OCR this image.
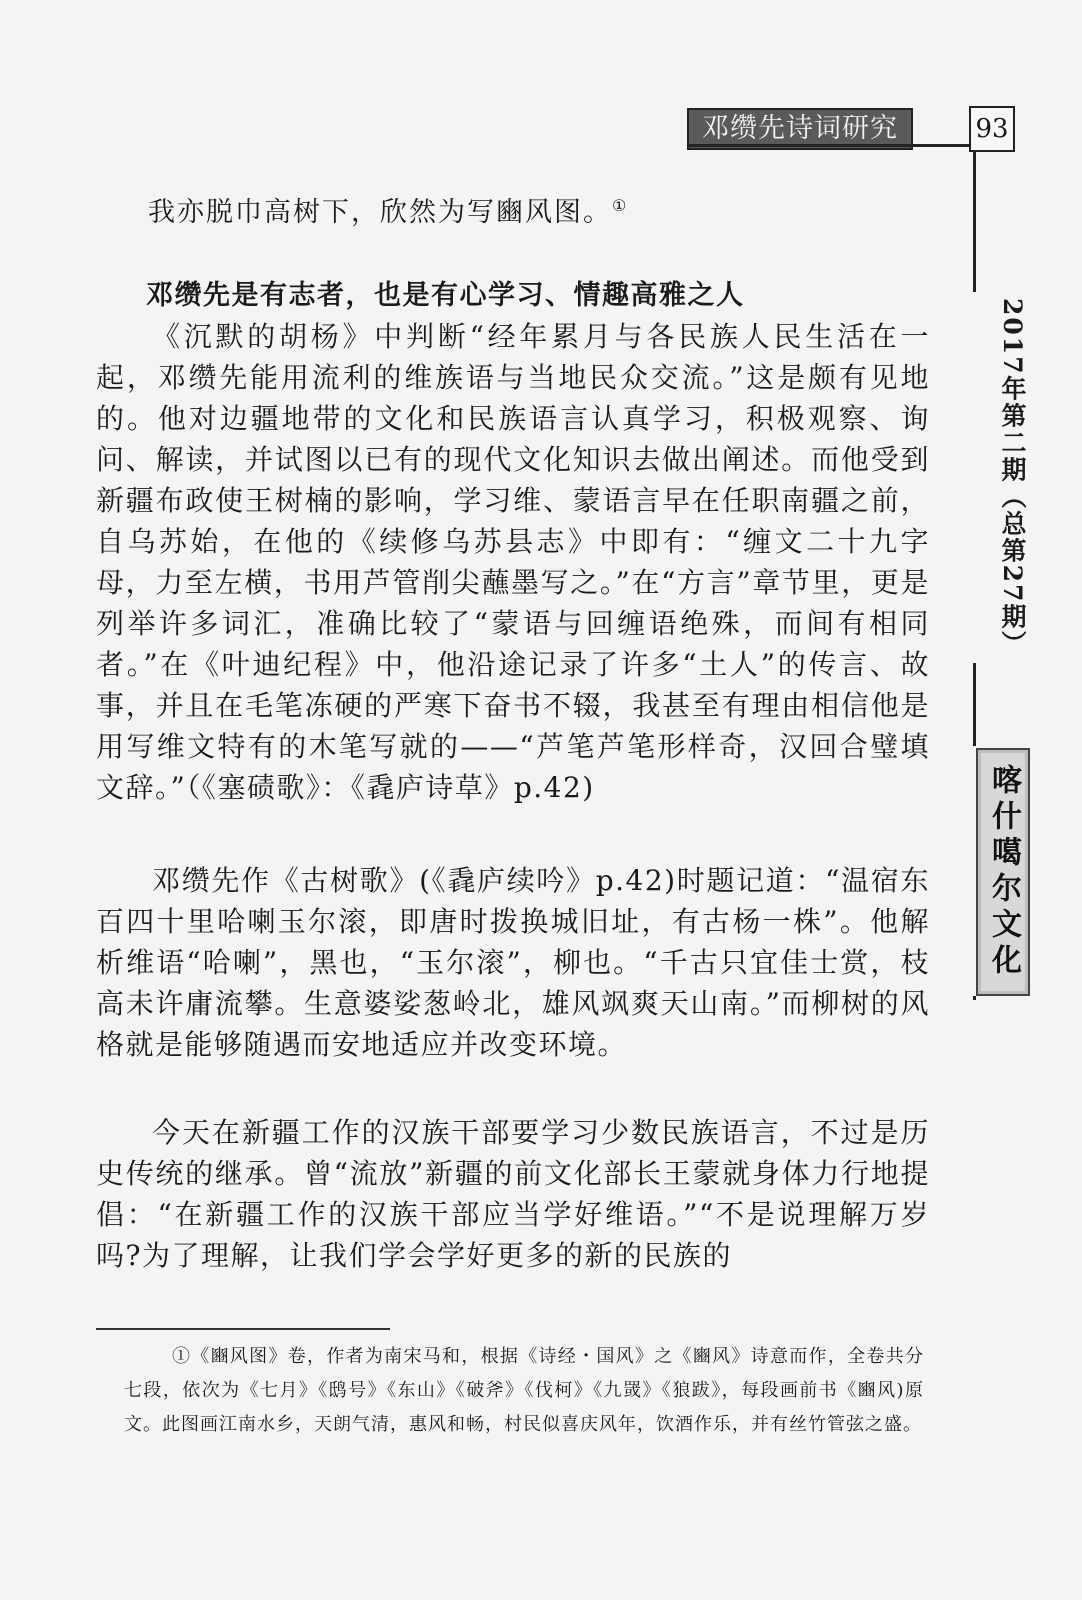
邓缵先诗词研究	93
2017年第二期（总第27期）
喀什噶尔文化
我亦脱巾高树下，欣然为写豳风图。①
邓缵先是有志者，也是有心学习、情趣高雅之人
《沉默的胡杨》中判断“经年累月与各民族人民生活在一起，邓缵先能用流利的维族语与当地民众交流。”这是颇有见地的。他对边疆地带的文化和民族语言认真学习，积极观察、询问、解读，并试图以已有的现代文化知识去做出阐述。而他受到新疆布政使王树楠的影响，学习维、蒙语言早在任职南疆之前，自乌苏始，在他的《续修乌苏县志》中即有：“缠文二十九字母，力至左横，书用芦管削尖蘸墨写之。”在“方言”章节里，更是列举许多词汇，准确比较了“蒙语与回缠语绝殊，而间有相同者。”在《叶迪纪程》中，他沿途记录了许多“土人”的传言、故事，并且在毛笔冻硬的严寒下奋书不辍，我甚至有理由相信他是用写维文特有的木笔写就的——“芦笔芦笔形样奇，汉回合璧填文辞。”（《塞碛歌》：《毳庐诗草》p.42)
邓缵先作《古树歌》(《毳庐续吟》p.42)时题记道：“温宿东百四十里哈喇玉尔滚，即唐时拨换城旧址，有古杨一株”。他解析维语“哈喇”，黑也，“玉尔滚”，柳也。“千古只宜佳士赏，枝高未许庸流攀。生意婆娑葱岭北，雄风飒爽天山南。”而柳树的风格就是能够随遇而安地适应并改变环境。
今天在新疆工作的汉族干部要学习少数民族语言，不过是历史传统的继承。曾“流放”新疆的前文化部长王蒙就身体力行地提倡：“在新疆工作的汉族干部应当学好维语。”“不是说理解万岁吗?为了理解，让我们学会学好更多的新的民族的
①《豳风图》卷，作者为南宋马和，根据《诗经・国风》之《豳风》诗意而作，全卷共分七段，依次为《七月》《鸱号》《东山》《破斧》《伐柯》《九罭》《狼跋》，每段画前书《豳风)原文。此图画江南水乡，天朗气清，惠风和畅，村民似喜庆风年，饮酒作乐，并有丝竹管弦之盛。
